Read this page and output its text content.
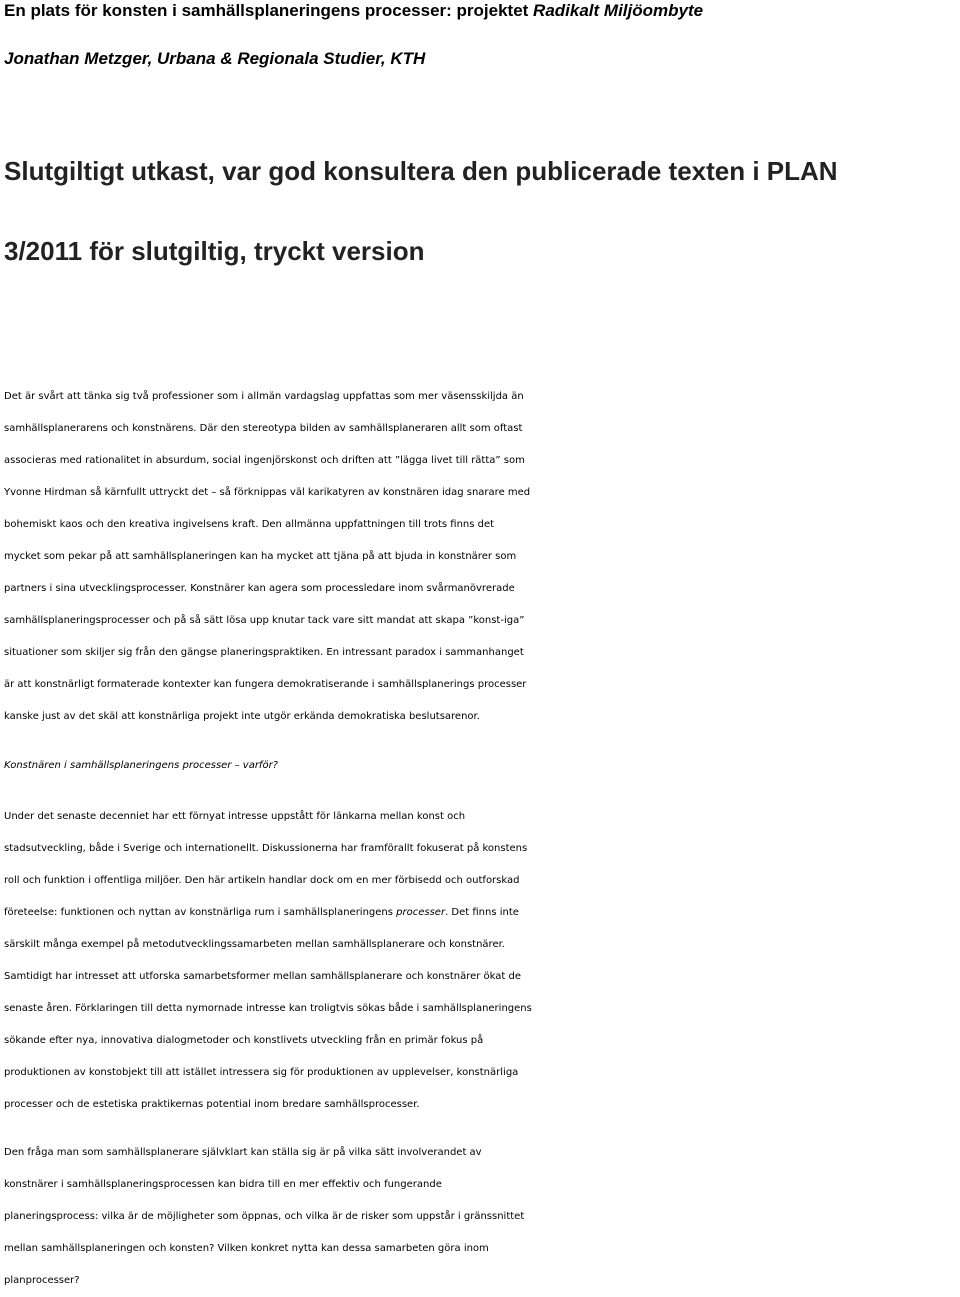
En plats för konsten i samhällsplaneringens processer: projektet Radikalt Miljöombyte
Jonathan Metzger, Urbana & Regionala Studier, KTH
Slutgiltigt utkast, var god konsultera den publicerade texten i PLAN
3/2011 för slutgiltig, tryckt version
Det är svårt att tänka sig två professioner som i allmän vardagslag uppfattas som mer väsensskiljda än
samhällsplanerarens och konstnärens. Där den stereotypa bilden av samhällsplaneraren allt som oftast
associeras med rationalitet in absurdum, social ingenjörskonst och driften att ”lägga livet till rätta” som
Yvonne Hirdman så kärnfullt uttryckt det – så förknippas väl karikatyren av konstnären idag snarare med
bohemiskt kaos och den kreativa ingivelsens kraft. Den allmänna uppfattningen till trots finns det
mycket som pekar på att samhällsplaneringen kan ha mycket att tjäna på att bjuda in konstnärer som
partners i sina utvecklingsprocesser. Konstnärer kan agera som processledare inom svårmanövrerade
samhällsplaneringsprocesser och på så sätt lösa upp knutar tack vare sitt mandat att skapa ”konst-iga”
situationer som skiljer sig från den gängse planeringspraktiken. En intressant paradox i sammanhanget
är att konstnärligt formaterade kontexter kan fungera demokratiserande i samhällsplanerings processer
kanske just av det skäl att konstnärliga projekt inte utgör erkända demokratiska beslutsarenor.
Konstnären i samhällsplaneringens processer – varför?
Under det senaste decenniet har ett förnyat intresse uppstått för länkarna mellan konst och
stadsutveckling, både i Sverige och internationellt. Diskussionerna har framförallt fokuserat på konstens
roll och funktion i offentliga miljöer. Den här artikeln handlar dock om en mer förbisedd och outforskad
företeelse: funktionen och nyttan av konstnärliga rum i samhällsplaneringens processer. Det finns inte
särskilt många exempel på metodutvecklingssamarbeten mellan samhällsplanerare och konstnärer.
Samtidigt har intresset att utforska samarbetsformer mellan samhällsplanerare och konstnärer ökat de
senaste åren. Förklaringen till detta nymornade intresse kan troligtvis sökas både i samhällsplaneringens
sökande efter nya, innovativa dialogmetoder och konstlivets utveckling från en primär fokus på
produktionen av konstobjekt till att istället intressera sig för produktionen av upplevelser, konstnärliga
processer och de estetiska praktikernas potential inom bredare samhällsprocesser.
Den fråga man som samhällsplanerare självklart kan ställa sig är på vilka sätt involverandet av
konstnärer i samhällsplaneringsprocessen kan bidra till en mer effektiv och fungerande
planeringsprocess: vilka är de möjligheter som öppnas, och vilka är de risker som uppstår i gränssnittet
mellan samhällsplaneringen och konsten? Vilken konkret nytta kan dessa samarbeten göra inom
planprocesser?
